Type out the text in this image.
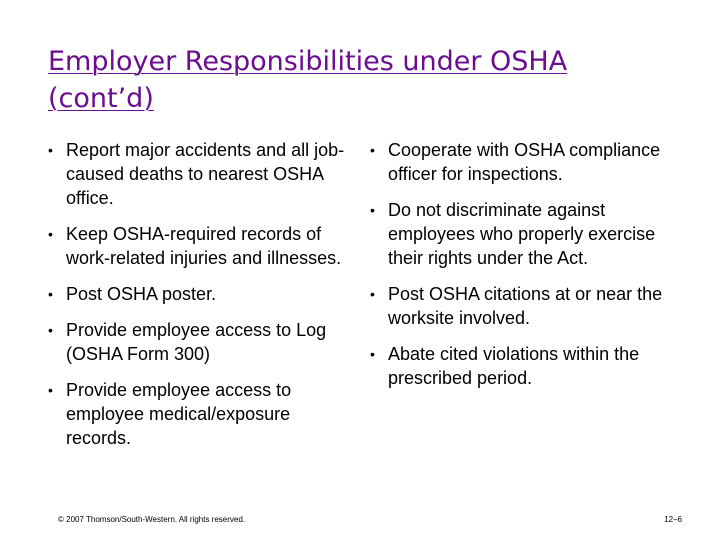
Employer Responsibilities under OSHA (cont’d)
• Report major accidents and all job-caused deaths to nearest OSHA office.
• Keep OSHA-required records of work-related injuries and illnesses.
• Post OSHA poster.
• Provide employee access to Log (OSHA Form 300)
• Provide employee access to employee medical/exposure records.
• Cooperate with OSHA compliance officer for inspections.
• Do not discriminate against employees who properly exercise their rights under the Act.
• Post OSHA citations at or near the worksite involved.
• Abate cited violations within the prescribed period.
© 2007 Thomson/South-Western. All rights reserved.	12–6
